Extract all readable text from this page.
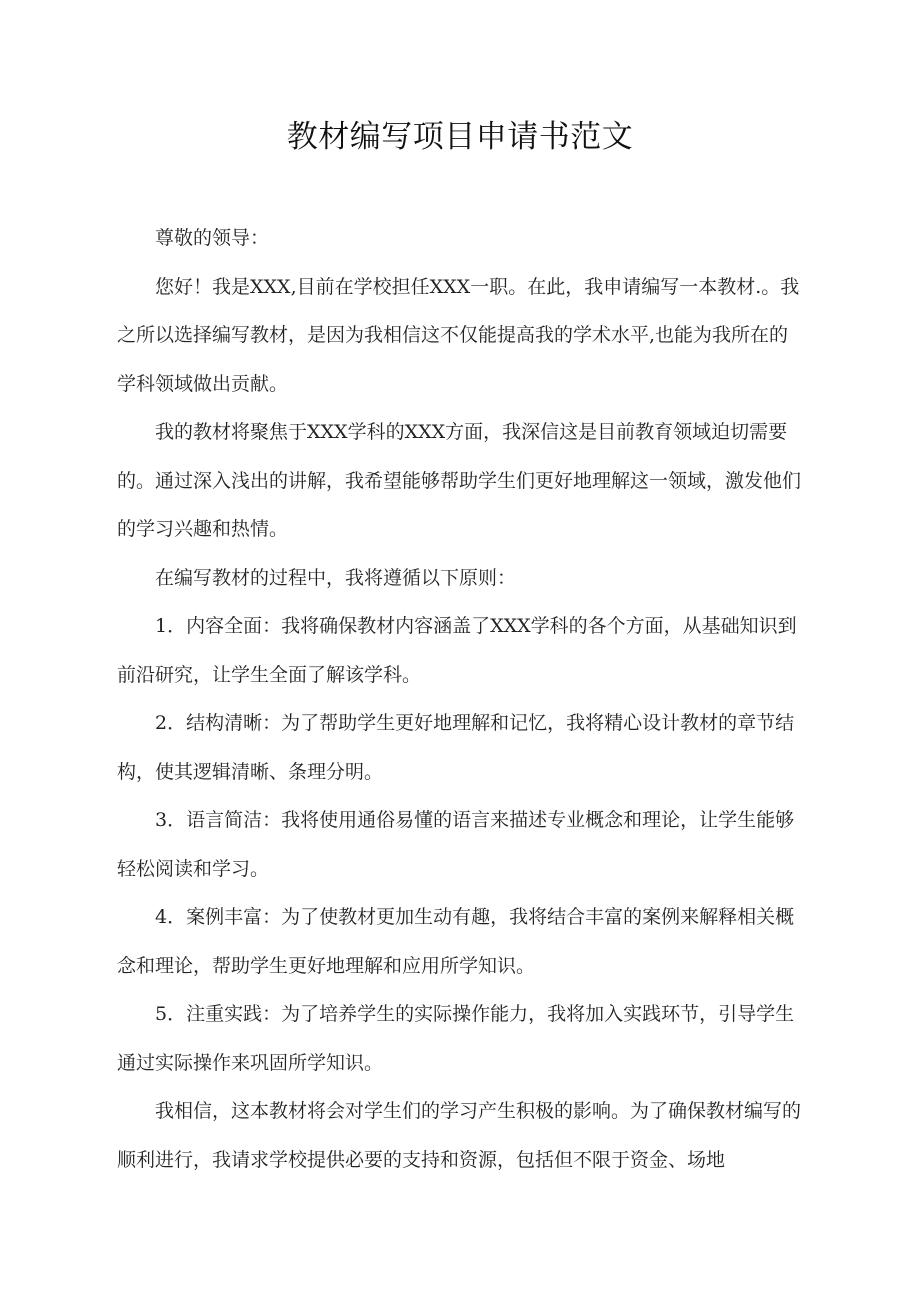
教材编写项目申请书范文

尊敬的领导：

您好！我是XXX,目前在学校担任XXX一职。在此，我申请编写一本教材.。我之所以选择编写教材，是因为我相信这不仅能提高我的学术水平,也能为我所在的学科领域做出贡献。

我的教材将聚焦于XXX学科的XXX方面，我深信这是目前教育领域迫切需要的。通过深入浅出的讲解，我希望能够帮助学生们更好地理解这一领域，激发他们的学习兴趣和热情。

在编写教材的过程中，我将遵循以下原则：

1．内容全面：我将确保教材内容涵盖了XXX学科的各个方面，从基础知识到前沿研究，让学生全面了解该学科。

2．结构清晰：为了帮助学生更好地理解和记忆，我将精心设计教材的章节结构，使其逻辑清晰、条理分明。

3．语言简洁：我将使用通俗易懂的语言来描述专业概念和理论，让学生能够轻松阅读和学习。

4．案例丰富：为了使教材更加生动有趣，我将结合丰富的案例来解释相关概念和理论，帮助学生更好地理解和应用所学知识。

5．注重实践：为了培养学生的实际操作能力，我将加入实践环节，引导学生通过实际操作来巩固所学知识。

我相信，这本教材将会对学生们的学习产生积极的影响。为了确保教材编写的顺利进行，我请求学校提供必要的支持和资源，包括但不限于资金、场地
